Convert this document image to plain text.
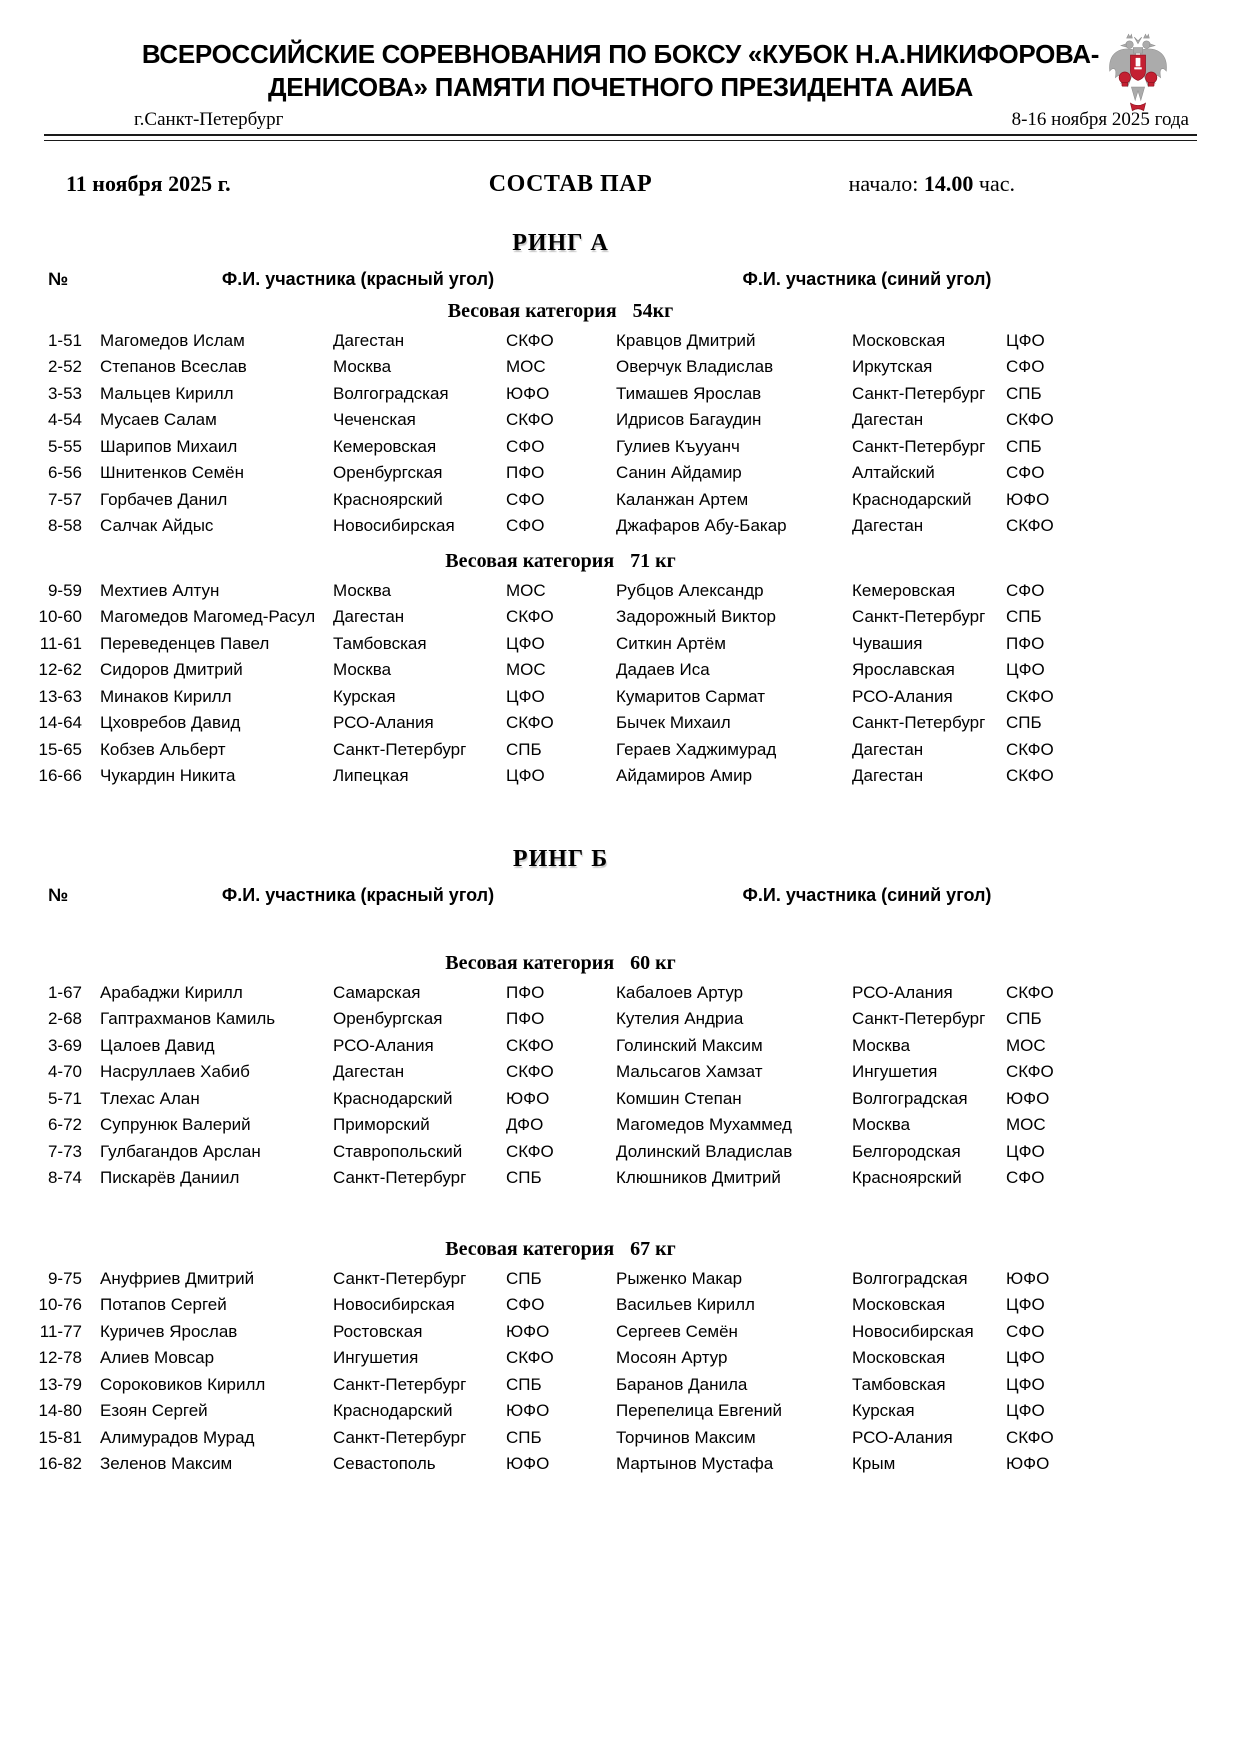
ВСЕРОССИЙСКИЕ СОРЕВНОВАНИЯ ПО БОКСУ «КУБОК Н.А.НИКИФОРОВА-
ДЕНИСОВА» ПАМЯТИ ПОЧЕТНОГО ПРЕЗИДЕНТА АИБА
г.Санкт-Петербург	8-16 ноября 2025 года
11 ноября 2025 г.	СОСТАВ ПАР	начало: 14.00 час.
РИНГ А
№	Ф.И. участника (красный угол)	Ф.И. участника (синий угол)
Весовая категория 54кг
1-51	Магомедов Ислам	Дагестан	СКФО	Кравцов Дмитрий	Московская	ЦФО
2-52	Степанов Всеслав	Москва	МОС	Оверчук Владислав	Иркутская	СФО
3-53	Мальцев Кирилл	Волгоградская	ЮФО	Тимашев Ярослав	Санкт-Петербург	СПБ
4-54	Мусаев Салам	Чеченская	СКФО	Идрисов Багаудин	Дагестан	СКФО
5-55	Шарипов Михаил	Кемеровская	СФО	Гулиев Къууанч	Санкт-Петербург	СПБ
6-56	Шнитенков Семён	Оренбургская	ПФО	Санин Айдамир	Алтайский	СФО
7-57	Горбачев Данил	Красноярский	СФО	Каланжан Артем	Краснодарский	ЮФО
8-58	Салчак Айдыс	Новосибирская	СФО	Джафаров Абу-Бакар	Дагестан	СКФО
Весовая категория 71 кг
9-59	Мехтиев Алтун	Москва	МОС	Рубцов Александр	Кемеровская	СФО
10-60	Магомедов Магомед-Расул	Дагестан	СКФО	Задорожный Виктор	Санкт-Петербург	СПБ
11-61	Переведенцев Павел	Тамбовская	ЦФО	Ситкин Артём	Чувашия	ПФО
12-62	Сидоров Дмитрий	Москва	МОС	Дадаев Иса	Ярославская	ЦФО
13-63	Минаков Кирилл	Курская	ЦФО	Кумаритов Сармат	РСО-Алания	СКФО
14-64	Цховребов Давид	РСО-Алания	СКФО	Бычек Михаил	Санкт-Петербург	СПБ
15-65	Кобзев Альберт	Санкт-Петербург	СПБ	Гераев Хаджимурад	Дагестан	СКФО
16-66	Чукардин Никита	Липецкая	ЦФО	Айдамиров Амир	Дагестан	СКФО
РИНГ Б
№	Ф.И. участника (красный угол)	Ф.И. участника (синий угол)
Весовая категория 60 кг
1-67	Арабаджи Кирилл	Самарская	ПФО	Кабалоев Артур	РСО-Алания	СКФО
2-68	Гаптрахманов Камиль	Оренбургская	ПФО	Кутелия Андриа	Санкт-Петербург	СПБ
3-69	Цалоев Давид	РСО-Алания	СКФО	Голинский Максим	Москва	МОС
4-70	Насруллаев Хабиб	Дагестан	СКФО	Мальсагов Хамзат	Ингушетия	СКФО
5-71	Тлехас Алан	Краснодарский	ЮФО	Комшин Степан	Волгоградская	ЮФО
6-72	Супрунюк Валерий	Приморский	ДФО	Магомедов Мухаммед	Москва	МОС
7-73	Гулбагандов Арслан	Ставропольский	СКФО	Долинский Владислав	Белгородская	ЦФО
8-74	Пискарёв Даниил	Санкт-Петербург	СПБ	Клюшников Дмитрий	Красноярский	СФО
Весовая категория 67 кг
9-75	Ануфриев Дмитрий	Санкт-Петербург	СПБ	Рыженко Макар	Волгоградская	ЮФО
10-76	Потапов Сергей	Новосибирская	СФО	Васильев Кирилл	Московская	ЦФО
11-77	Куричев Ярослав	Ростовская	ЮФО	Сергеев Семён	Новосибирская	СФО
12-78	Алиев Мовсар	Ингушетия	СКФО	Мосоян Артур	Московская	ЦФО
13-79	Сороковиков Кирилл	Санкт-Петербург	СПБ	Баранов Данила	Тамбовская	ЦФО
14-80	Езоян Сергей	Краснодарский	ЮФО	Перепелица Евгений	Курская	ЦФО
15-81	Алимурадов Мурад	Санкт-Петербург	СПБ	Торчинов Максим	РСО-Алания	СКФО
16-82	Зеленов Максим	Севастополь	ЮФО	Мартынов Мустафа	Крым	ЮФО
